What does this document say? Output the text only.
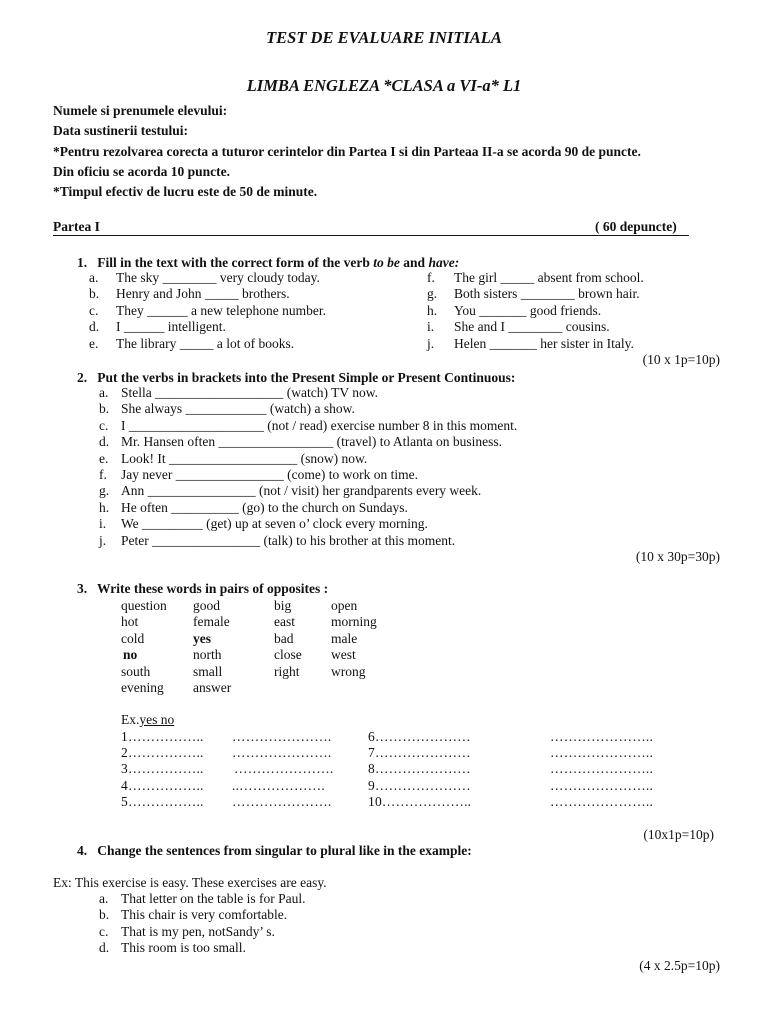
TEST DE EVALUARE INITIALA
LIMBA ENGLEZA *CLASA a VI-a* L1
Numele si prenumele elevului:
Data sustinerii testului:
*Pentru rezolvarea corecta a tuturor cerintelor din Partea I si din Parteaa II-a se acorda 90 de puncte.
Din oficiu se acorda 10 puncte.
*Timpul efectiv de lucru este de 50 de minute.
Partea I	( 60 depuncte)
1. Fill in the text with the correct form of the verb to be and have:
a. The sky ________ very cloudy today.
b. Henry and John _____ brothers.
c. They ______ a new telephone number.
d. I ______ intelligent.
e. The library _____ a lot of books.
f. The girl _____ absent from school.
g. Both sisters ________ brown hair.
h. You _______ good friends.
i. She and I ________ cousins.
j. Helen _______ her sister in Italy.
(10 x 1p=10p)
2. Put the verbs in brackets into the Present Simple or Present Continuous:
a. Stella ___________________ (watch) TV now.
b. She always ____________ (watch) a show.
c. I ____________________ (not / read) exercise number 8 in this moment.
d. Mr. Hansen often _________________ (travel) to Atlanta on business.
e. Look! It ___________________ (snow) now.
f. Jay never ________________ (come) to work on time.
g. Ann ________________ (not / visit) her grandparents every week.
h. He often __________ (go) to the church on Sundays.
i. We _________ (get) up at seven o’ clock every morning.
j. Peter ________________ (talk) to his brother at this moment.
(10 x 30p=30p)
3. Write these words in pairs of opposites :
question good	big	open
hot	female	east	morning
cold	yes	bad	male
no	north	close west
south	small	right wrong
evening answer
Ex.yes no
1…………….. ………………….	6…………………	…………………..
2…………….. ………………….	7…………………	…………………..
3…………….. ………………….	8…………………	…………………..
4…………….. ..……………….	9…………………	…………………..
5…………….. ………………….	10………………..	…………………..
(10x1p=10p)
4. Change the sentences from singular to plural like in the example:
Ex: This exercise is easy. These exercises are easy.
a. That letter on the table is for Paul.
b. This chair is very comfortable.
c. That is my pen, notSandy’ s.
d. This room is too small.
(4 x 2.5p=10p)
